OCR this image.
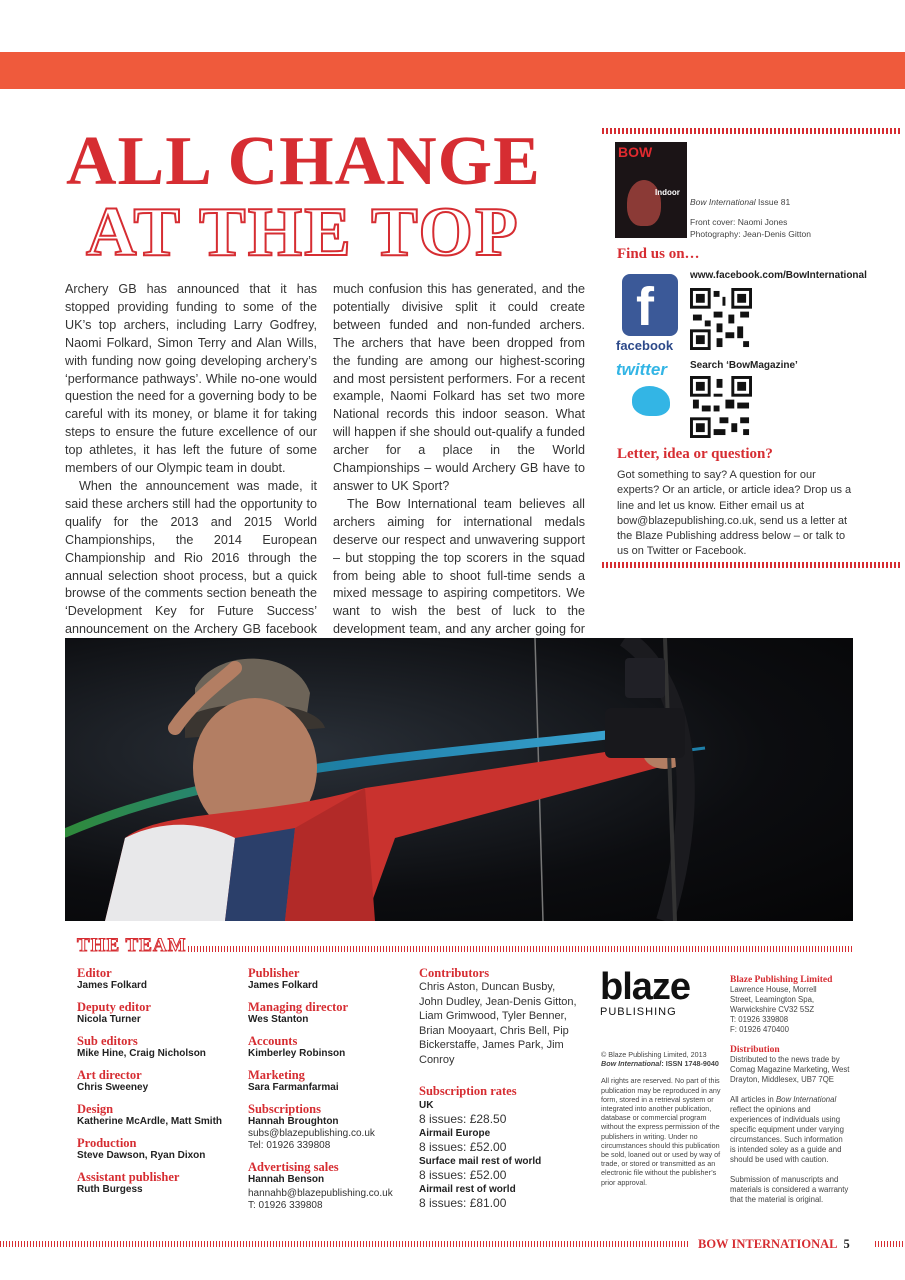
ALL CHANGE
AT THE TOP

Archery GB has announced that it has stopped providing funding to some of the UK’s top archers, including Larry Godfrey, Naomi Folkard, Simon Terry and Alan Wills, with funding now going developing archery’s ‘performance pathways’. While no-one would question the need for a governing body to be careful with its money, or blame it for taking steps to ensure the future excellence of our top athletes, it has left the future of some members of our Olympic team in doubt.

When the announcement was made, it said these archers still had the opportunity to qualify for the 2013 and 2015 World Championships, the 2014 European Championship and Rio 2016 through the annual selection shoot process, but a quick browse of the comments section beneath the ‘Development Key for Future Success’ announcement on the Archery GB facebook

much confusion this has generated, and the potentially divisive split it could create between funded and non-funded archers. The archers that have been dropped from the funding are among our highest-scoring and most persistent performers. For a recent example, Naomi Folkard has set two more National records this indoor season. What will happen if she should out-qualify a funded archer for a place in the World Championships – would Archery GB have to answer to UK Sport?

The Bow International team believes all archers aiming for international medals deserve our respect and unwavering support – but stopping the top scorers in the squad from being able to shoot full-time sends a mixed message to aspiring competitors. We want to wish the best of luck to the development team, and any archer going for

BOW
Indoor
Bow International Issue 81
Front cover: Naomi Jones
Photography: Jean-Denis Gitton
Find us on…
www.facebook.com/BowInternational
f
facebook
twitter	Search ‘BowMagazine’
Letter, idea or question?
Got something to say? A question for our experts? Or an article, or article idea? Drop us a line and let us know. Either email us at bow@blazepublishing.co.uk, send us a letter at the Blaze Publishing address below – or talk to us on Twitter or Facebook.
THE TEAM
Editor
James Folkard
Deputy editor
Nicola Turner
Sub editors
Mike Hine, Craig Nicholson
Art director
Chris Sweeney
Design
Katherine McArdle, Matt Smith
Production
Steve Dawson, Ryan Dixon
Assistant publisher
Ruth Burgess
Publisher
James Folkard
Managing director
Wes Stanton
Accounts
Kimberley Robinson
Marketing
Sara Farmanfarmai
Subscriptions
Hannah Broughton
subs@blazepublishing.co.uk
Tel: 01926 339808
Advertising sales
Hannah Benson
hannahb@blazepublishing.co.uk
T: 01926 339808
Contributors
Chris Aston, Duncan Busby, John Dudley, Jean-Denis Gitton, Liam Grimwood, Tyler Benner, Brian Mooyaart, Chris Bell, Pip Bickerstaffe, James Park, Jim Conroy
Subscription rates
UK
8 issues: £28.50
Airmail Europe
8 issues: £52.00
Surface mail rest of world
8 issues: £52.00
Airmail rest of world
8 issues: £81.00
blaze
PUBLISHING
© Blaze Publishing Limited, 2013
Bow International: ISSN 1748-9040
All rights are reserved. No part of this publication may be reproduced in any form, stored in a retrieval system or integrated into another publication, database or commercial program without the express permission of the publishers in writing. Under no circumstances should this publication be sold, loaned out or used by way of trade, or stored or transmitted as an electronic file without the publisher’s prior approval.
Blaze Publishing Limited
Lawrence House, Morrell
Street, Leamington Spa,
Warwickshire CV32 5SZ
T: 01926 339808
F: 01926 470400
Distribution
Distributed to the news trade by Comag Magazine Marketing, West Drayton, Middlesex, UB7 7QE
All articles in Bow International reflect the opinions and experiences of individuals using specific equipment under varying circumstances. Such information is intended soley as a guide and should be used with caution.
Submission of manuscripts and materials is considered a warranty that the material is original.
BOW INTERNATIONAL 5
